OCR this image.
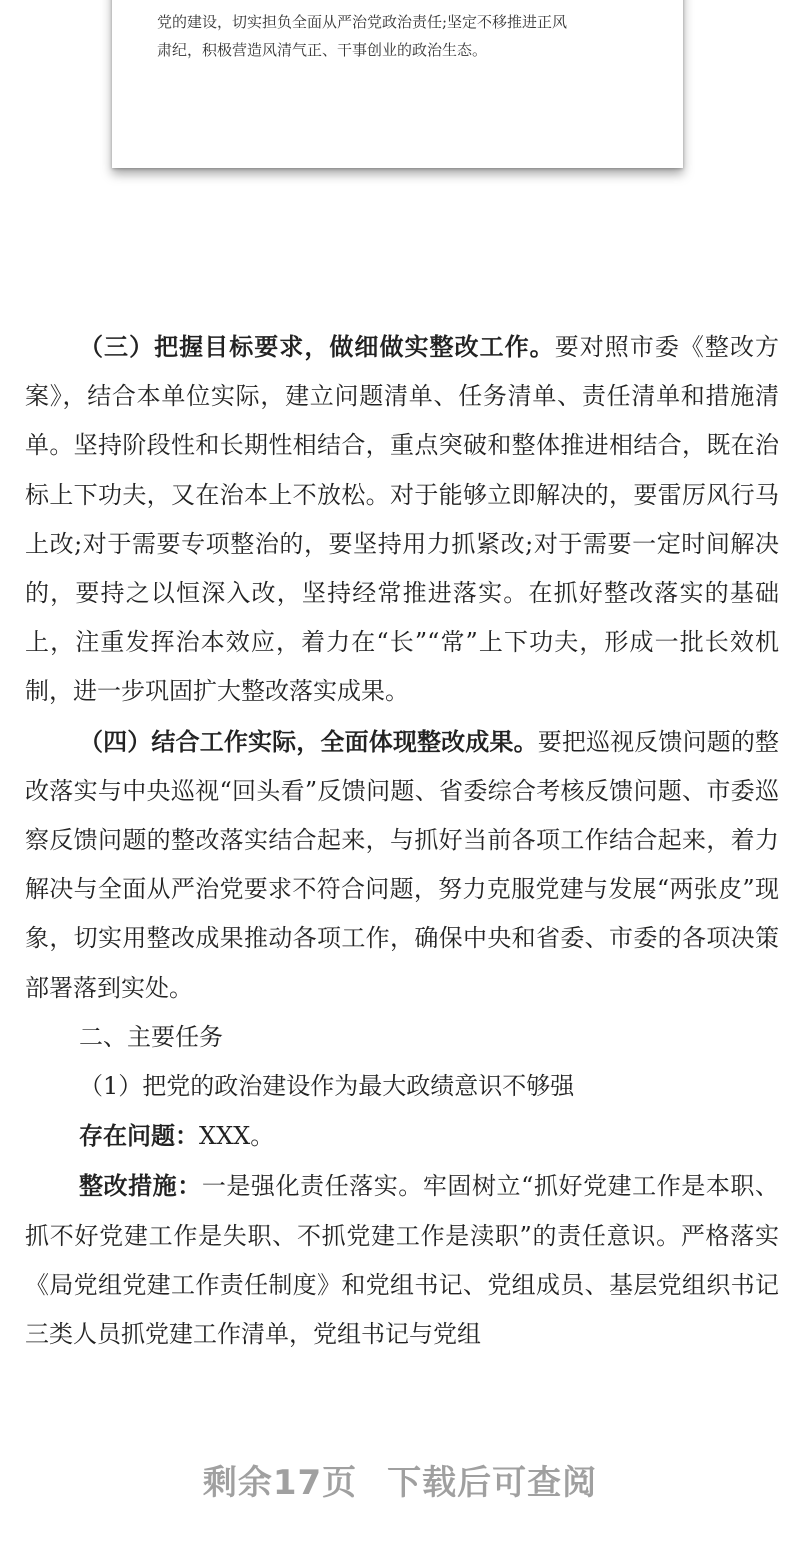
党的建设，切实担负全面从严治党政治责任;坚定不移推进正风

肃纪，积极营造风清气正、干事创业的政治生态。

（三）把握目标要求，做细做实整改工作。要对照市委《整改方案》，结合本单位实际，建立问题清单、任务清单、责任清单和措施清单。坚持阶段性和长期性相结合，重点突破和整体推进相结合，既在治标上下功夫，又在治本上不放松。对于能够立即解决的，要雷厉风行马上改;对于需要专项整治的，要坚持用力抓紧改;对于需要一定时间解决的，要持之以恒深入改，坚持经常推进落实。在抓好整改落实的基础上，注重发挥治本效应，着力在“长”“常”上下功夫，形成一批长效机制，进一步巩固扩大整改落实成果。

（四）结合工作实际，全面体现整改成果。要把巡视反馈问题的整改落实与中央巡视“回头看”反馈问题、省委综合考核反馈问题、市委巡察反馈问题的整改落实结合起来，与抓好当前各项工作结合起来，着力解决与全面从严治党要求不符合问题，努力克服党建与发展“两张皮”现象，切实用整改成果推动各项工作，确保中央和省委、市委的各项决策部署落到实处。

二、主要任务

（1）把党的政治建设作为最大政绩意识不够强

存在问题：XXX。

整改措施：一是强化责任落实。牢固树立“抓好党建工作是本职、抓不好党建工作是失职、不抓党建工作是渎职”的责任意识。严格落实《局党组党建工作责任制度》和党组书记、党组成员、基层党组织书记三类人员抓党建工作清单，党组书记与党组

剩余17页 下载后可查阅
